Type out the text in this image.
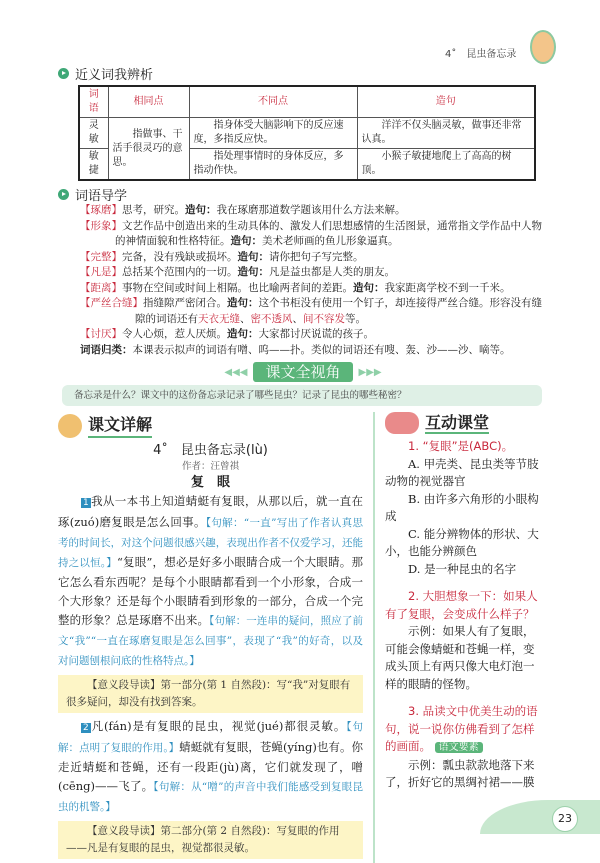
4˚　昆虫备忘录
23
近义词我辨析
词语	相同点	不同点	造句
灵敏	指做事、干活手很灵巧的意思。	指身体受大脑影响下的反应速度，多指反应快。	洋洋不仅头脑灵敏，做事还非常认真。
敏捷		指处理事情时的身体反应，多指动作快。	小猴子敏捷地爬上了高高的树顶。
词语导学
【琢磨】思考，研究。造句：我在琢磨那道数学题该用什么方法来解。
【形象】文艺作品中创造出来的生动具体的、激发人们思想感情的生活图景，通常指文学作品中人物的神情面貌和性格特征。造句：美术老师画的鱼儿形象逼真。
【完整】完备，没有残缺或损坏。造句：请你把句子写完整。
【凡是】总括某个范围内的一切。造句：凡是益虫都是人类的朋友。
【距离】事物在空间或时间上相隔。也比喻两者间的差距。造句：我家距离学校不到一千米。
【严丝合缝】指缝隙严密闭合。造句：这个书柜没有使用一个钉子，却连接得严丝合缝。形容没有缝隙的词语还有天衣无缝、密不透风、间不容发等。
【讨厌】令人心烦，惹人厌烦。造句：大家都讨厌说谎的孩子。
词语归类：本课表示拟声的词语有噌、呜——扑。类似的词语还有嗖、轰、沙——沙、嘀等。
◀◀◀	课文全视角	▶▶▶
备忘录是什么？课文中的这份备忘录记录了哪些昆虫？记录了昆虫的哪些秘密？
课文详解
4˚　昆虫备忘录(lù)
作者：汪曾祺
复　眼
1 我从一本书上知道蜻蜓有复眼，从那以后，就一直在琢(zuó)磨复眼是怎么回事。【句解：“一直”写出了作者认真思考的时间长，对这个问题很感兴趣，表现出作者不仅爱学习，还能持之以恒。】“复眼”，想必是好多小眼睛合成一个大眼睛。那它怎么看东西呢？是每个小眼睛都看到一个小形象，合成一个大形象？还是每个小眼睛看到形象的一部分，合成一个完整的形象？总是琢磨不出来。【句解：一连串的疑问，照应了前文“我”“一直在琢磨复眼是怎么回事”，表现了“我”的好奇，以及对问题刨根问底的性格特点。】
【意义段导读】第一部分(第 1 自然段)：写“我”对复眼有很多疑问，却没有找到答案。
2 凡(fán)是有复眼的昆虫，视觉(jué)都很灵敏。【句解：点明了复眼的作用。】蜻蜓就有复眼，苍蝇(yíng)也有。你走近蜻蜓和苍蝇，还有一段距(jù)离，它们就发现了，噌(cēng)——飞了。【句解：从“噌”的声音中我们能感受到复眼昆虫的机警。】
【意义段导读】第二部分(第 2 自然段)：写复眼的作用——凡是有复眼的昆虫，视觉都很灵敏。
互动课堂
1. “复眼”是(ABC)。
A. 甲壳类、昆虫类等节肢动物的视觉器官
B. 由许多六角形的小眼构成
C. 能分辨物体的形状、大小，也能分辨颜色
D. 是一种昆虫的名字
2. 大胆想象一下：如果人有了复眼，会变成什么样子？
示例：如果人有了复眼，可能会像蜻蜓和苍蝇一样，变成头顶上有两只像大电灯泡一样的眼睛的怪物。
3. 品读文中优美生动的语句，说一说你仿佛看到了怎样的画面。 语文要素
示例：瓢虫款款地落下来了，折好它的黑绸衬裙——膜
